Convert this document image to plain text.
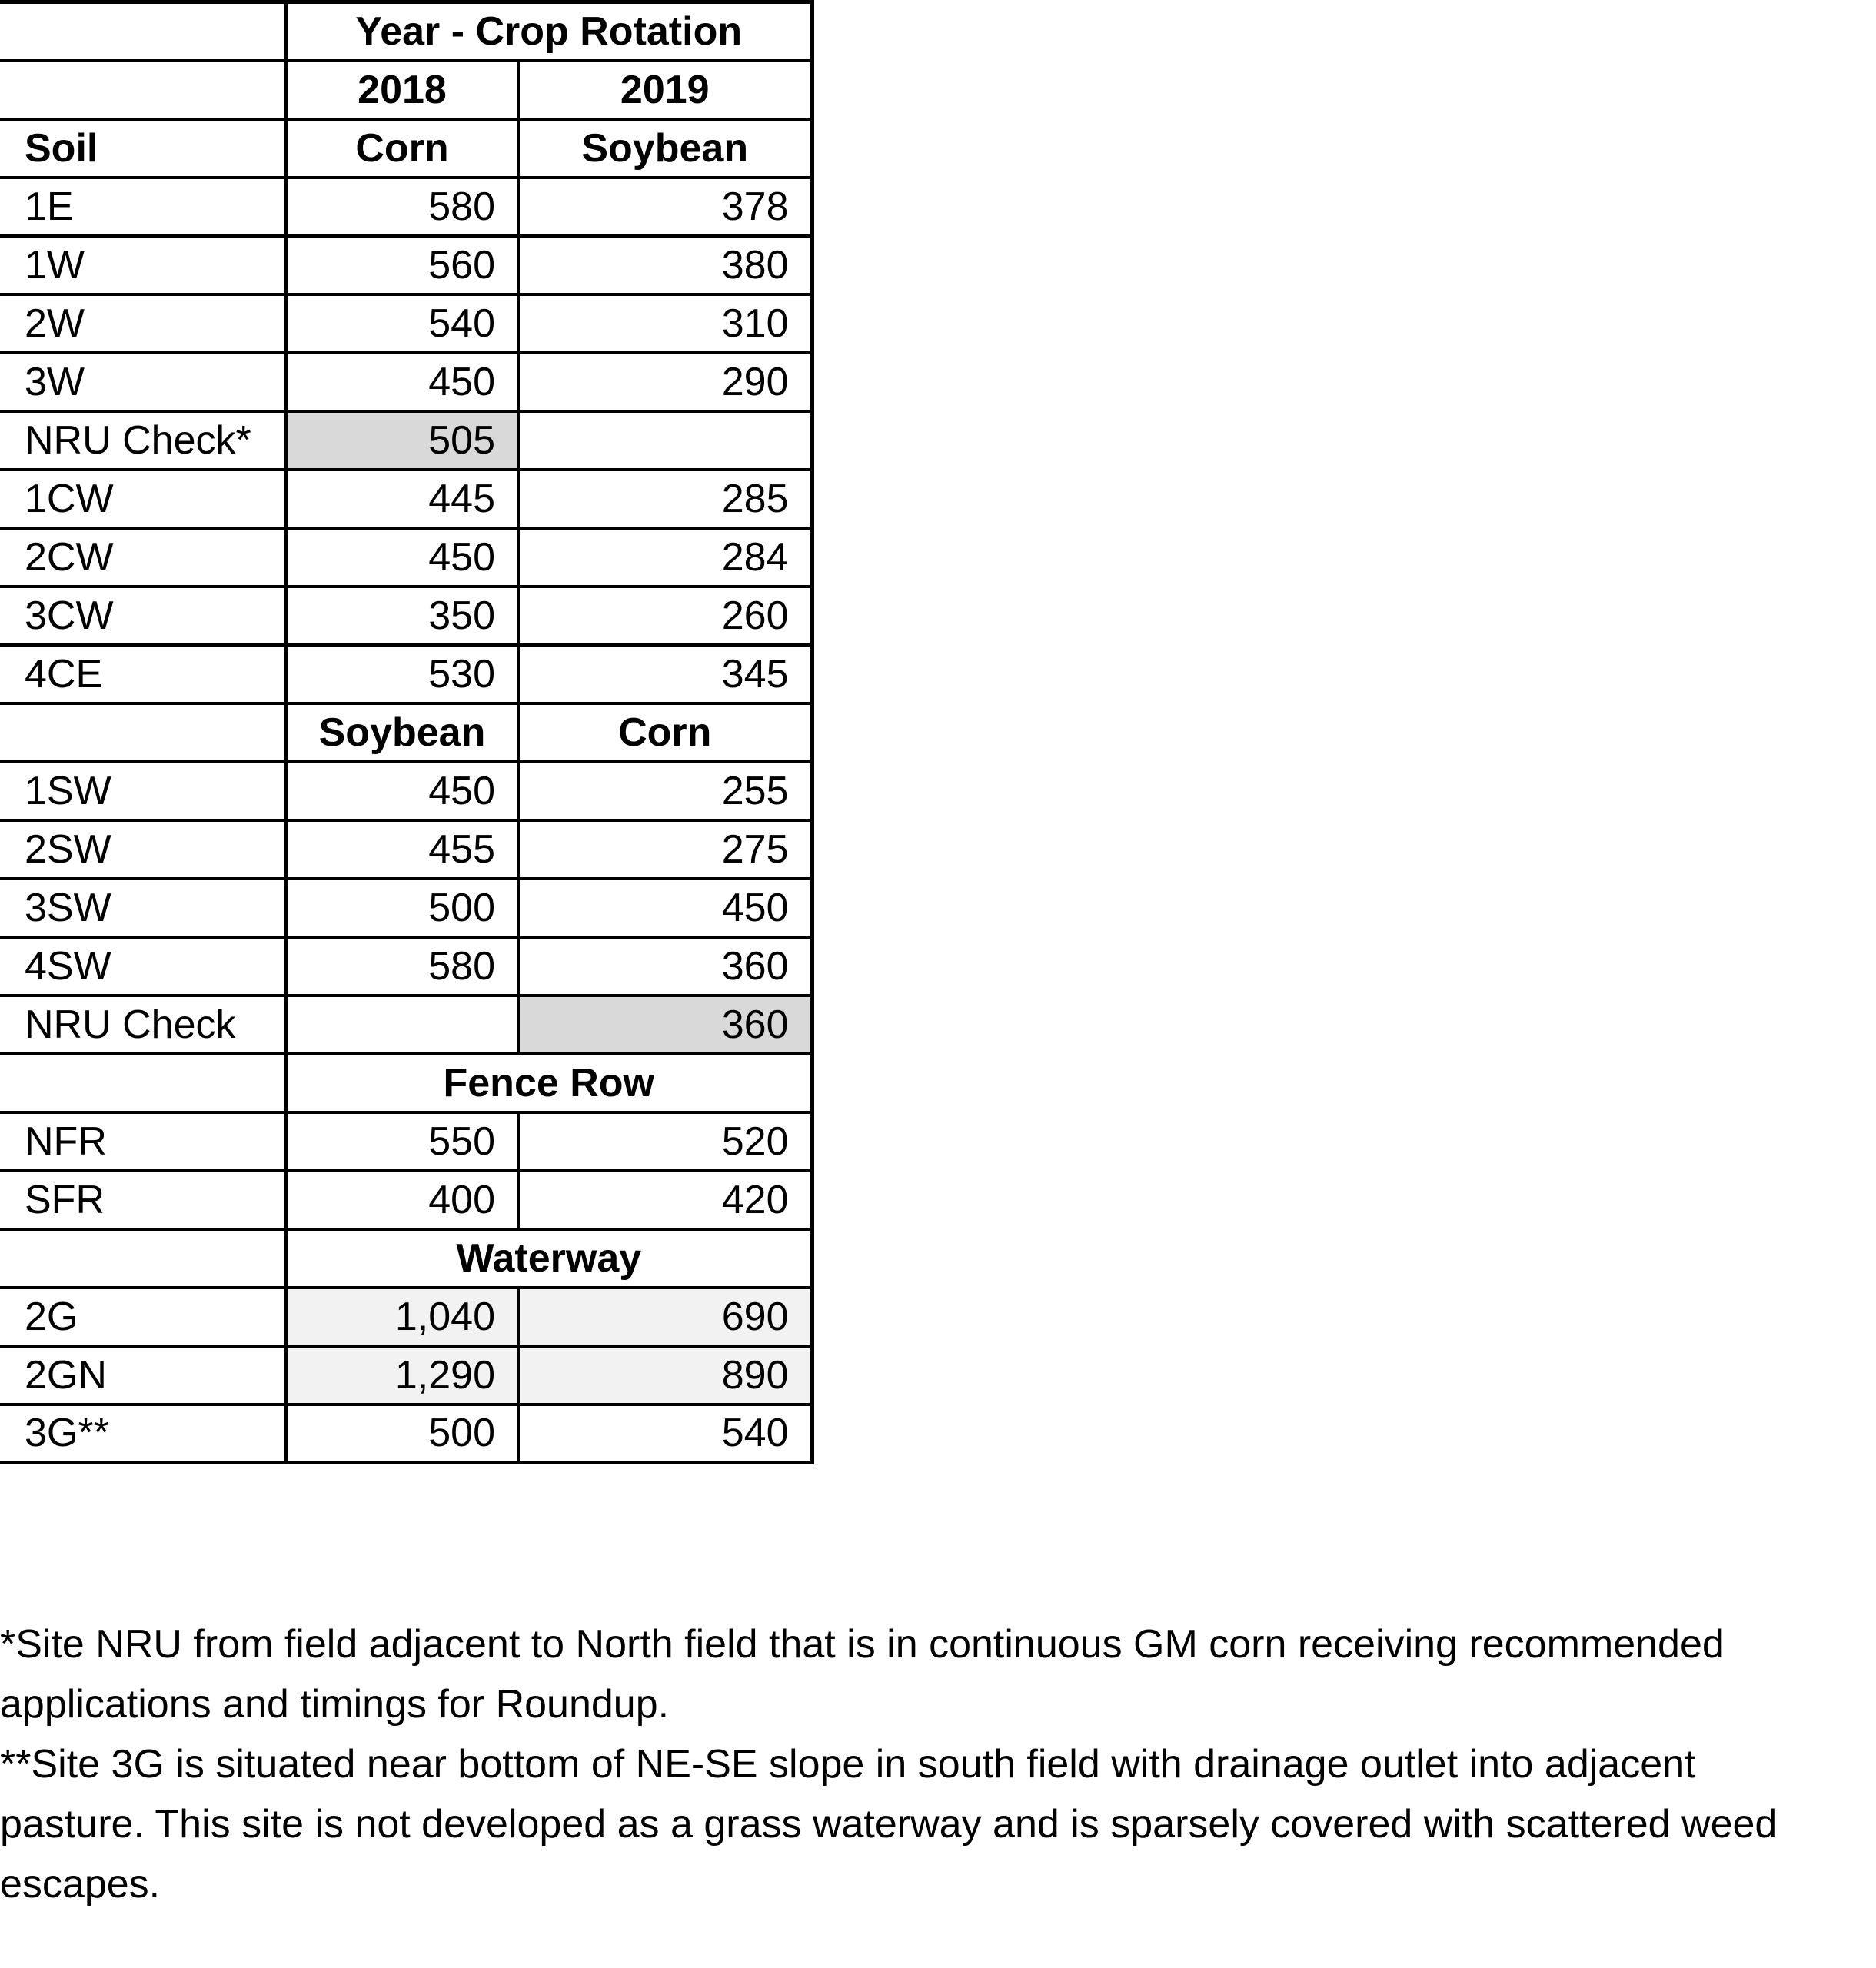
	Year - Crop Rotation	
	2018	2019
Soil	Corn	Soybean
1E	580	378
1W	560	380
2W	540	310
3W	450	290
NRU Check*	505	
1CW	445	285
2CW	450	284
3CW	350	260
4CE	530	345
	Soybean	Corn
1SW	450	255
2SW	455	275
3SW	500	450
4SW	580	360
NRU Check		360
	Fence Row	
NFR	550	520
SFR	400	420
	Waterway	
2G	1,040	690
2GN	1,290	890
3G**	500	540

*Site NRU from field adjacent to North field that is in continuous GM corn receiving recommended applications and timings for Roundup.

**Site 3G is situated near bottom of NE-SE slope in south field with drainage outlet into adjacent pasture. This site is not developed as a grass waterway and is sparsely covered with scattered weed escapes.
